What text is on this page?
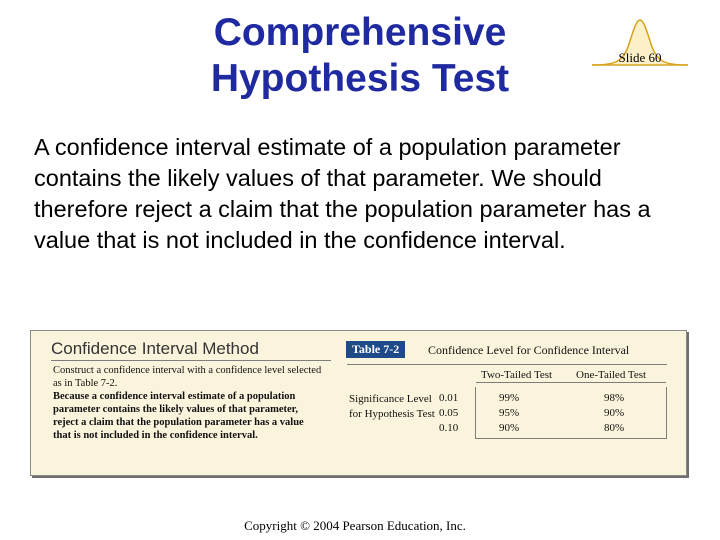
Comprehensive
Hypothesis Test	Slide 60
A confidence interval estimate of a population parameter contains the likely values of that parameter. We should therefore reject a claim that the population parameter has a value that is not included in the confidence interval.
Confidence Interval Method
Construct a confidence interval with a confidence level selected as in Table 7-2.
Because a confidence interval estimate of a population parameter contains the likely values of that parameter, reject a claim that the population parameter has a value that is not included in the confidence interval.
Table 7-2	Confidence Level for Confidence Interval
Two-Tailed Test One-Tailed Test
Significance Level for Hypothesis Test
0.01
0.05
0.10
99%
95%
90%
98%
90%
80%
Copyright © 2004 Pearson Education, Inc.
